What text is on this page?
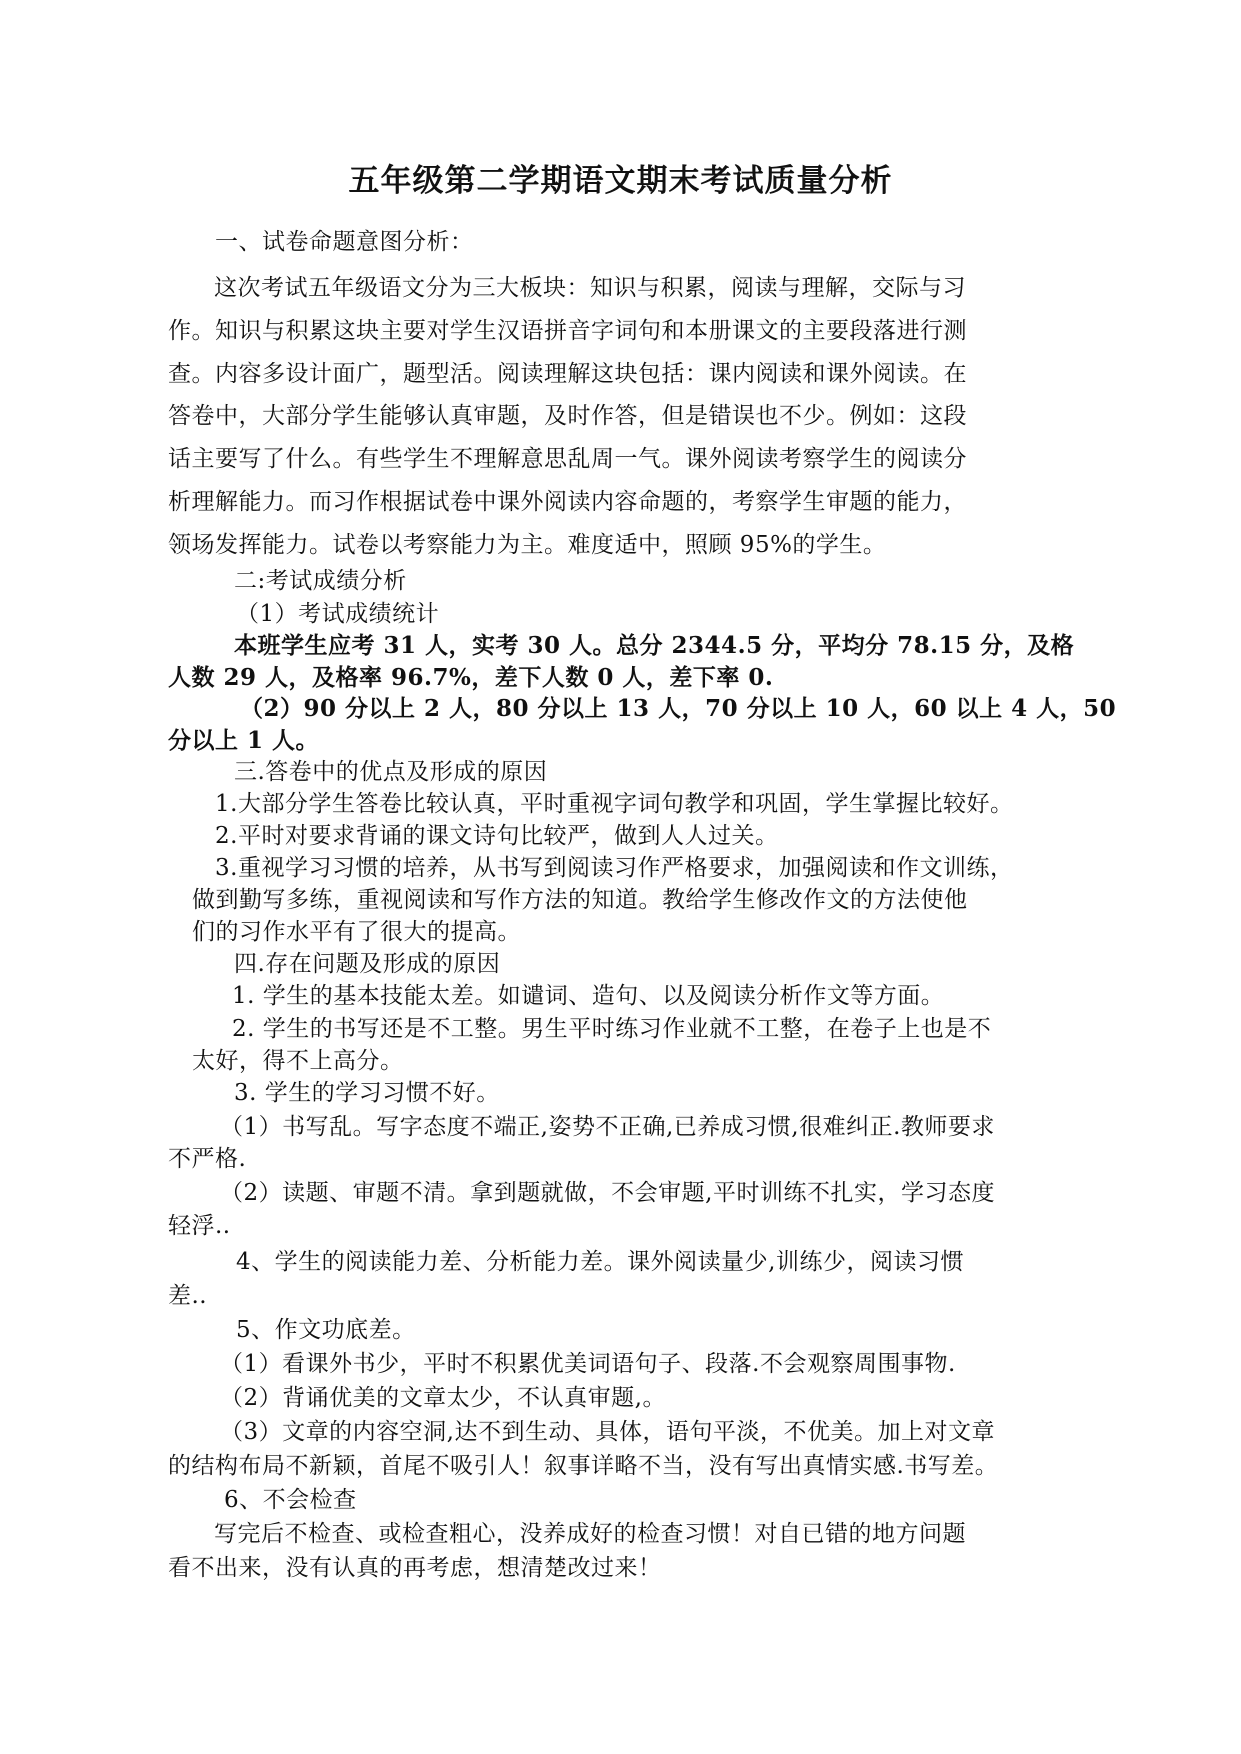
五年级第二学期语文期末考试质量分析
一、试卷命题意图分析：
这次考试五年级语文分为三大板块：知识与积累，阅读与理解，交际与习
作。知识与积累这块主要对学生汉语拼音字词句和本册课文的主要段落进行测
查。内容多设计面广，题型活。阅读理解这块包括：课内阅读和课外阅读。在
答卷中，大部分学生能够认真审题，及时作答，但是错误也不少。例如：这段
话主要写了什么。有些学生不理解意思乱周一气。课外阅读考察学生的阅读分
析理解能力。而习作根据试卷中课外阅读内容命题的，考察学生审题的能力，
领场发挥能力。试卷以考察能力为主。难度适中，照顾 95%的学生。
二:考试成绩分析
（1）考试成绩统计
本班学生应考 31 人，实考 30 人。总分 2344.5 分，平均分 78.15 分，及格
人数 29 人，及格率 96.7%，差下人数 0 人，差下率 0.
（2）90 分以上 2 人，80 分以上 13 人，70 分以上 10 人，60 以上 4 人，50
分以上 1 人。
三.答卷中的优点及形成的原因
1.大部分学生答卷比较认真，平时重视字词句教学和巩固，学生掌握比较好。
2.平时对要求背诵的课文诗句比较严，做到人人过关。
3.重视学习习惯的培养，从书写到阅读习作严格要求，加强阅读和作文训练，
做到勤写多练，重视阅读和写作方法的知道。教给学生修改作文的方法使他
们的习作水平有了很大的提高。
四.存在问题及形成的原因
1. 学生的基本技能太差。如谴词、造句、以及阅读分析作文等方面。
2. 学生的书写还是不工整。男生平时练习作业就不工整，在卷子上也是不
太好，得不上高分。
3. 学生的学习习惯不好。
（1）书写乱。写字态度不端正,姿势不正确,已养成习惯,很难纠正.教师要求
不严格.
（2）读题、审题不清。拿到题就做，不会审题,平时训练不扎实，学习态度
轻浮..
4、学生的阅读能力差、分析能力差。课外阅读量少,训练少，阅读习惯
差..
5、作文功底差。
（1）看课外书少，平时不积累优美词语句子、段落.不会观察周围事物.
（2）背诵优美的文章太少，不认真审题,。
（3）文章的内容空洞,达不到生动、具体，语句平淡，不优美。加上对文章
的结构布局不新颖，首尾不吸引人！叙事详略不当，没有写出真情实感.书写差。
6、不会检查
写完后不检查、或检查粗心，没养成好的检查习惯！对自已错的地方问题
看不出来，没有认真的再考虑，想清楚改过来！
